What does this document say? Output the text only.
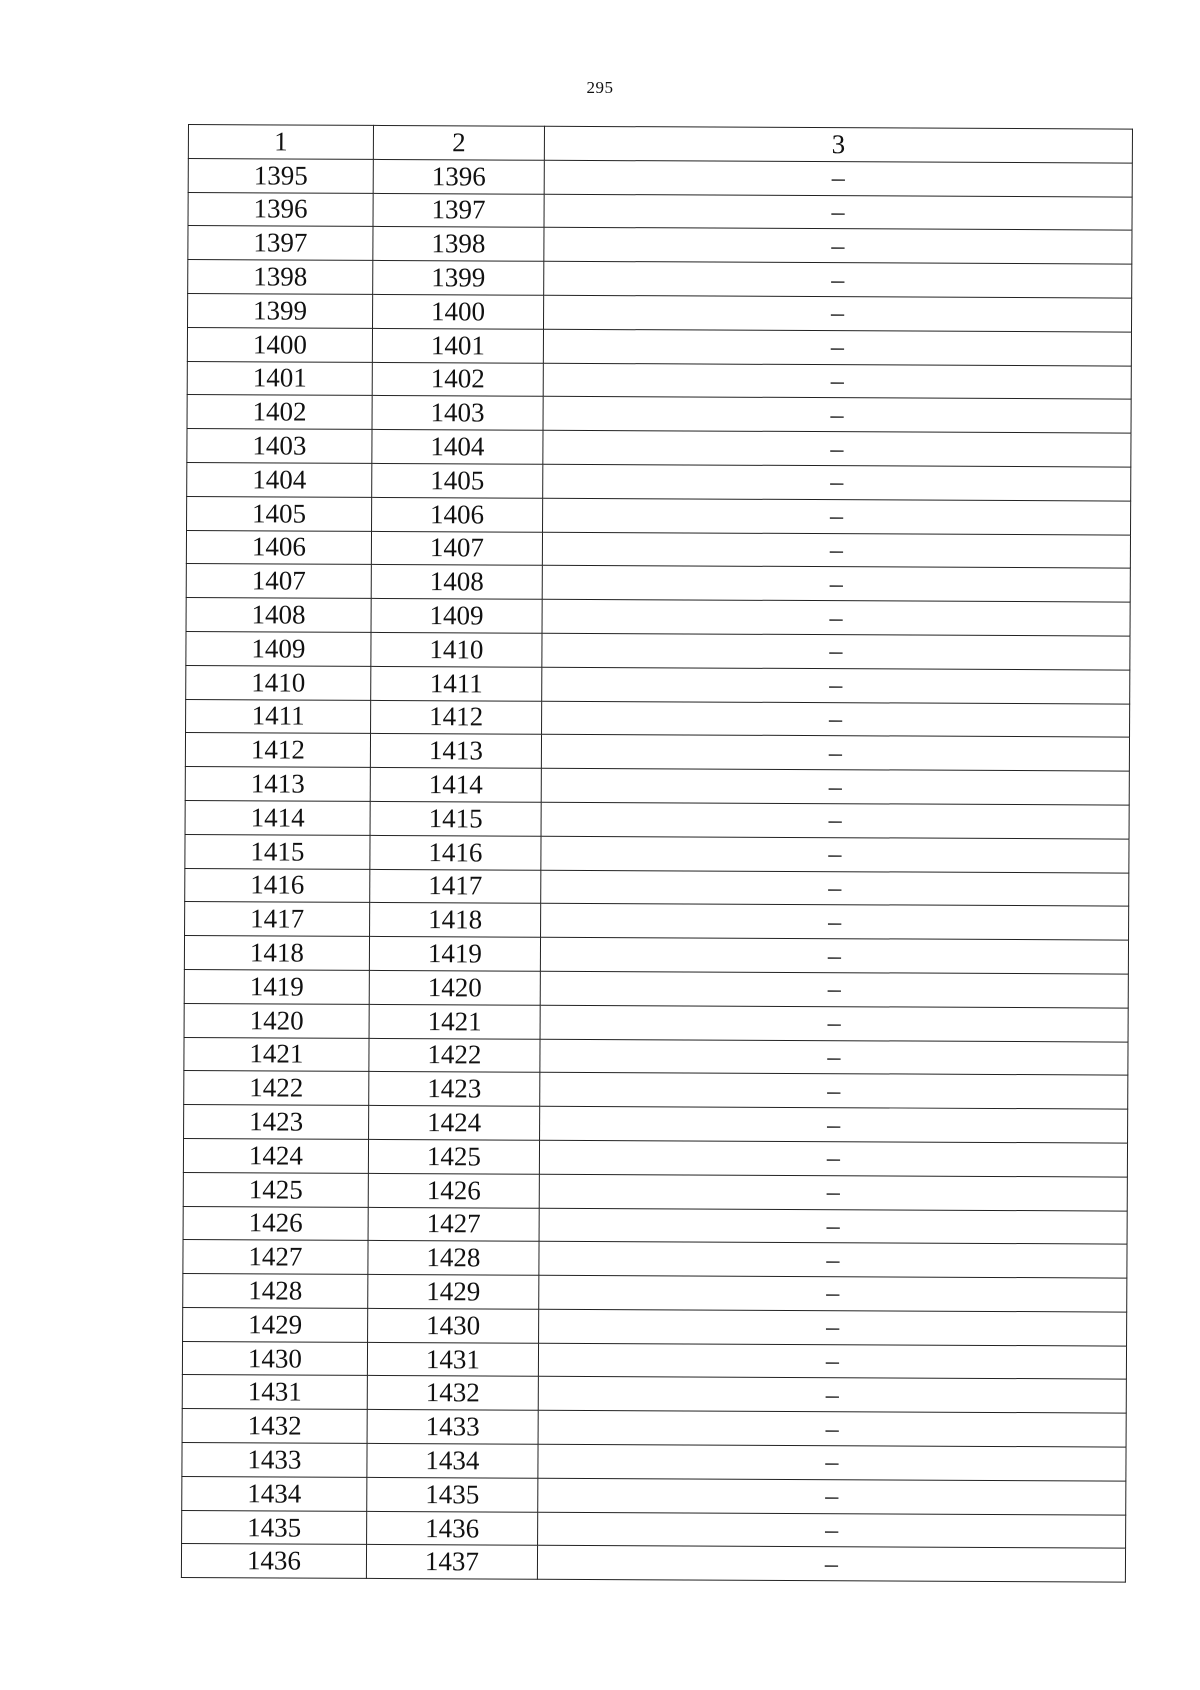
295
1	2	3
1395	1396	–
1396	1397	–
1397	1398	–
1398	1399	–
1399	1400	–
1400	1401	–
1401	1402	–
1402	1403	–
1403	1404	–
1404	1405	–
1405	1406	–
1406	1407	–
1407	1408	–
1408	1409	–
1409	1410	–
1410	1411	–
1411	1412	–
1412	1413	–
1413	1414	–
1414	1415	–
1415	1416	–
1416	1417	–
1417	1418	–
1418	1419	–
1419	1420	–
1420	1421	–
1421	1422	–
1422	1423	–
1423	1424	–
1424	1425	–
1425	1426	–
1426	1427	–
1427	1428	–
1428	1429	–
1429	1430	–
1430	1431	–
1431	1432	–
1432	1433	–
1433	1434	–
1434	1435	–
1435	1436	–
1436	1437	–
